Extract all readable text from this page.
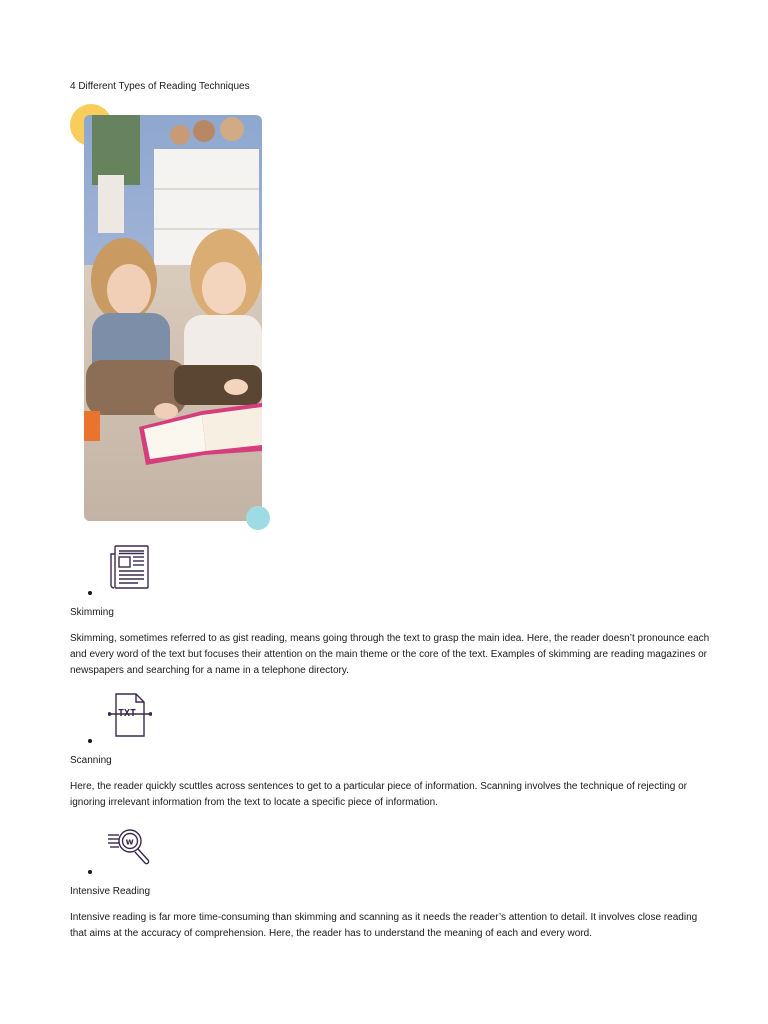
4 Different Types of Reading Techniques
Skimming

Skimming, sometimes referred to as gist reading, means going through the text to grasp the main idea. Here, the reader doesn’t pronounce each and every word of the text but focuses their attention on the main theme or the core of the text. Examples of skimming are reading magazines or newspapers and searching for a name in a telephone directory.

TXT
Scanning

Here, the reader quickly scuttles across sentences to get to a particular piece of information. Scanning involves the technique of rejecting or ignoring irrelevant information from the text to locate a specific piece of information.

w
Intensive Reading

Intensive reading is far more time-consuming than skimming and scanning as it needs the reader’s attention to detail. It involves close reading that aims at the accuracy of comprehension. Here, the reader has to understand the meaning of each and every word.
